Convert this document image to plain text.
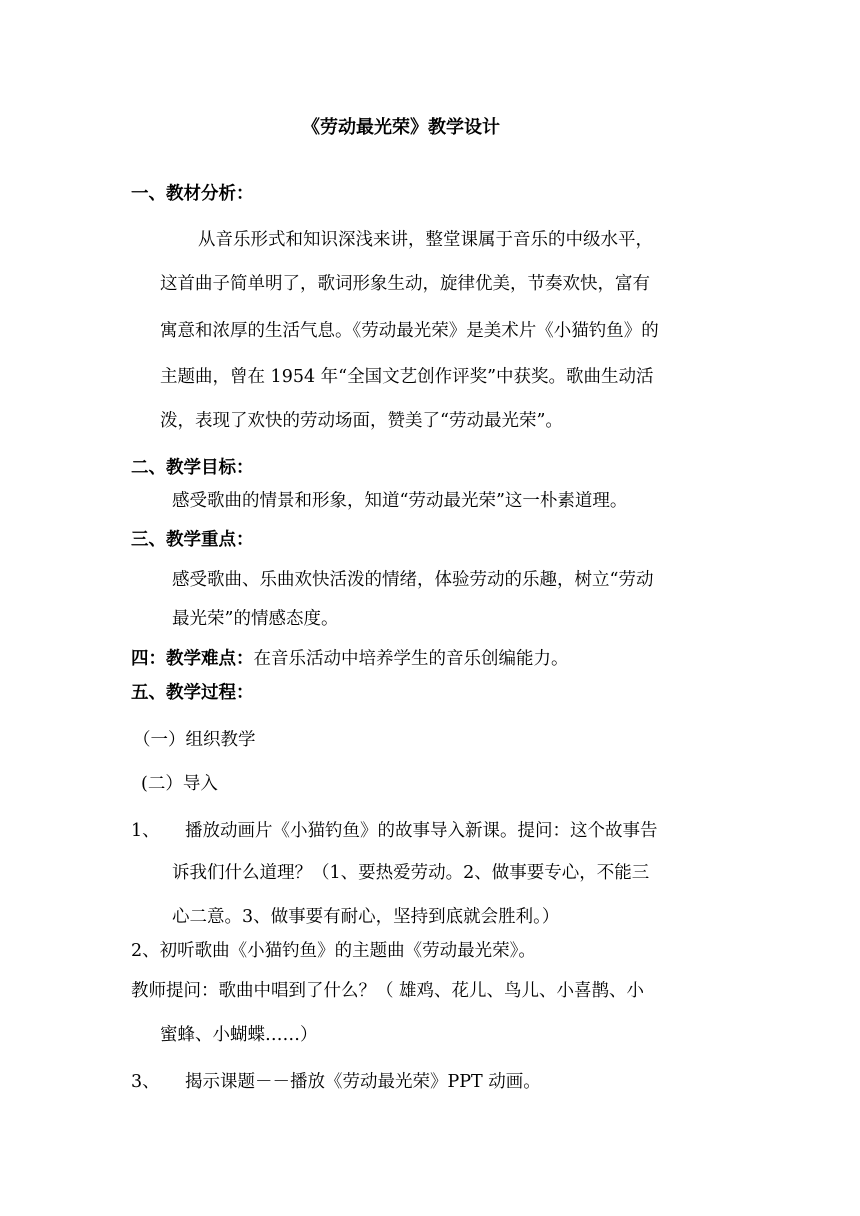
《劳动最光荣》教学设计
一、教材分析：
从音乐形式和知识深浅来讲，整堂课属于音乐的中级水平，
这首曲子简单明了，歌词形象生动，旋律优美，节奏欢快，富有
寓意和浓厚的生活气息。《劳动最光荣》是美术片《小猫钓鱼》的
主题曲，曾在 1954 年“全国文艺创作评奖”中获奖。歌曲生动活
泼，表现了欢快的劳动场面，赞美了“劳动最光荣”。
二、教学目标：
感受歌曲的情景和形象，知道“劳动最光荣”这一朴素道理。
三、教学重点：
感受歌曲、乐曲欢快活泼的情绪，体验劳动的乐趣，树立“劳动
最光荣”的情感态度。
四：教学难点：在音乐活动中培养学生的音乐创编能力。
五、教学过程：
（一）组织教学
(二）导入
1、 播放动画片《小猫钓鱼》的故事导入新课。提问：这个故事告
诉我们什么道理？（1、要热爱劳动。2、做事要专心，不能三
心二意。3、做事要有耐心，坚持到底就会胜利。）
2、初听歌曲《小猫钓鱼》的主题曲《劳动最光荣》。
教师提问：歌曲中唱到了什么？（ 雄鸡、花儿、鸟儿、小喜鹊、小
蜜蜂、小蝴蝶……）
3、 揭示课题－－播放《劳动最光荣》PPT 动画。
